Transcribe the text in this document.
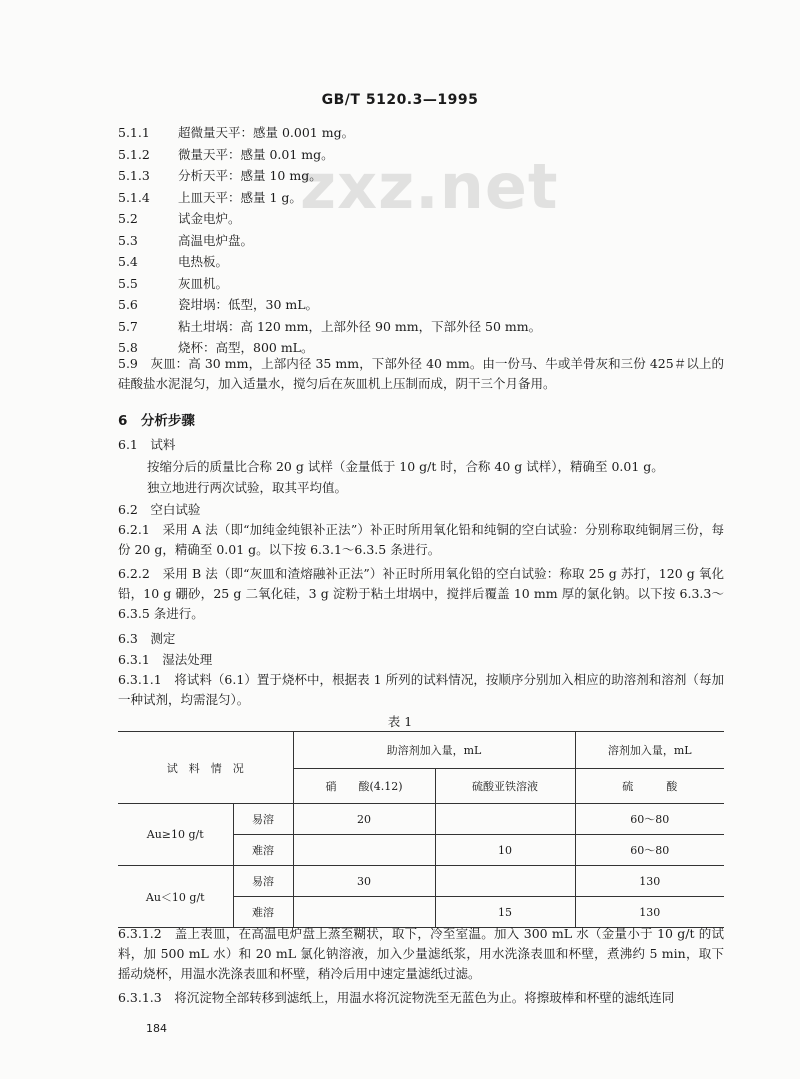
GB/T 5120.3—1995
zxz.net
5.1.1 超微量天平：感量 0.001 mg。
5.1.2 微量天平：感量 0.01 mg。
5.1.3 分析天平：感量 10 mg。
5.1.4 上皿天平：感量 1 g。
5.2	试金电炉。
5.3	高温电炉盘。
5.4	电热板。
5.5	灰皿机。
5.6	瓷坩埚：低型，30 mL。
5.7	粘土坩埚：高 120 mm，上部外径 90 mm，下部外径 50 mm。
5.8	烧杯：高型，800 mL。
5.9　灰皿：高 30 mm，上部内径 35 mm，下部外径 40 mm。由一份马、牛或羊骨灰和三份 425＃以上的硅酸盐水泥混匀，加入适量水，搅匀后在灰皿机上压制而成，阴干三个月备用。
6　分析步骤
6.1　试料
按缩分后的质量比合称 20 g 试样（金量低于 10 g/t 时，合称 40 g 试样），精确至 0.01 g。
独立地进行两次试验，取其平均值。
6.2　空白试验
6.2.1　采用 A 法（即“加纯金纯银补正法”）补正时所用氧化铅和纯铜的空白试验：分别称取纯铜屑三份，每份 20 g，精确至 0.01 g。以下按 6.3.1～6.3.5 条进行。
6.2.2　采用 B 法（即“灰皿和渣熔融补正法”）补正时所用氧化铅的空白试验：称取 25 g 苏打，120 g 氧化铅，10 g 硼砂，25 g 二氧化硅，3 g 淀粉于粘土坩埚中，搅拌后覆盖 10 mm 厚的氯化钠。以下按 6.3.3～6.3.5 条进行。
6.3　测定
6.3.1　湿法处理
6.3.1.1　将试料（6.1）置于烧杯中，根据表 1 所列的试料情况，按顺序分别加入相应的助溶剂和溶剂（每加一种试剂，均需混匀）。
表 1
试　料　情　况		助溶剂加入量，mL		溶剂加入量，mL
		硝　　酸(4.12)	硫酸亚铁溶液	硫　　　酸
Au≥10 g/t	易溶	20		60～80
	难溶		10	60～80
Au＜10 g/t	易溶	30		130
	难溶		15	130
6.3.1.2　盖上表皿，在高温电炉盘上蒸至糊状，取下，冷至室温。加入 300 mL 水（金量小于 10 g/t 的试料，加 500 mL 水）和 20 mL 氯化钠溶液，加入少量滤纸浆，用水洗涤表皿和杯壁，煮沸约 5 min，取下摇动烧杯，用温水洗涤表皿和杯壁，稍冷后用中速定量滤纸过滤。
6.3.1.3　将沉淀物全部转移到滤纸上，用温水将沉淀物洗至无蓝色为止。将擦玻棒和杯壁的滤纸连同
184
